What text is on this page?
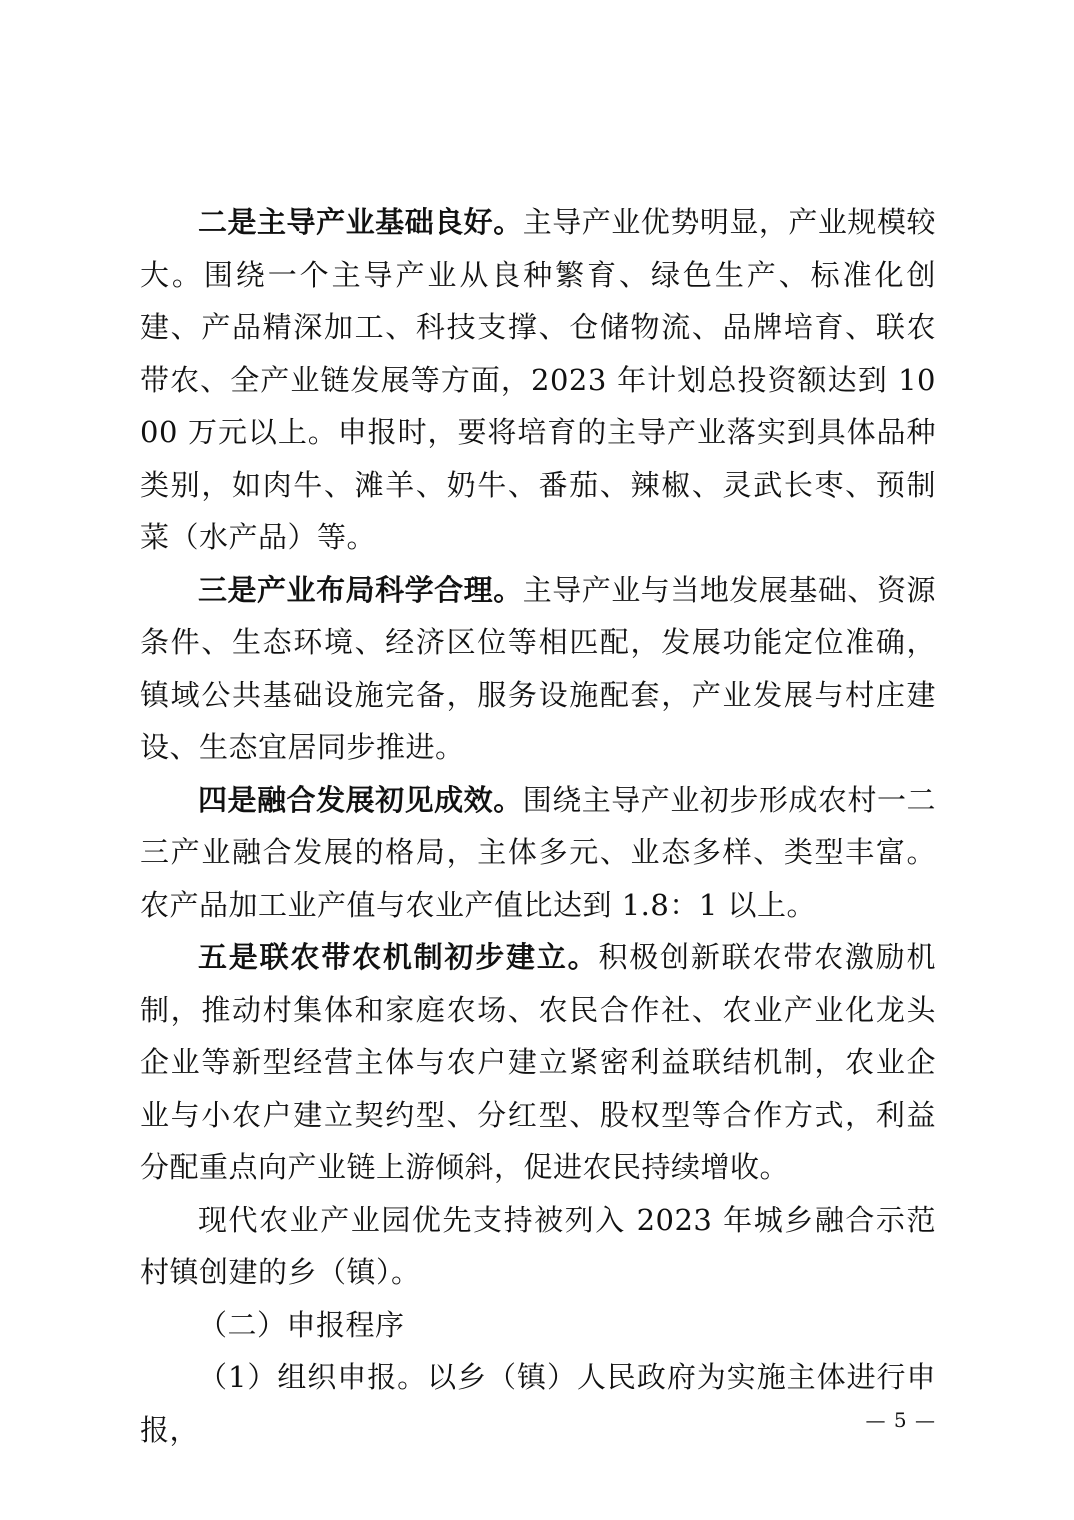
二是主导产业基础良好。主导产业优势明显，产业规模较大。围绕一个主导产业从良种繁育、绿色生产、标准化创建、产品精深加工、科技支撑、仓储物流、品牌培育、联农带农、全产业链发展等方面，2023 年计划总投资额达到 1000 万元以上。申报时，要将培育的主导产业落实到具体品种类别，如肉牛、滩羊、奶牛、番茄、辣椒、灵武长枣、预制菜（水产品）等。

三是产业布局科学合理。主导产业与当地发展基础、资源条件、生态环境、经济区位等相匹配，发展功能定位准确，镇域公共基础设施完备，服务设施配套，产业发展与村庄建设、生态宜居同步推进。

四是融合发展初见成效。围绕主导产业初步形成农村一二三产业融合发展的格局，主体多元、业态多样、类型丰富。农产品加工业产值与农业产值比达到 1.8：1 以上。

五是联农带农机制初步建立。积极创新联农带农激励机制，推动村集体和家庭农场、农民合作社、农业产业化龙头企业等新型经营主体与农户建立紧密利益联结机制，农业企业与小农户建立契约型、分红型、股权型等合作方式，利益分配重点向产业链上游倾斜，促进农民持续增收。

现代农业产业园优先支持被列入 2023 年城乡融合示范村镇创建的乡（镇）。

（二）申报程序

（1）组织申报。以乡（镇）人民政府为实施主体进行申报，	— 5 —
